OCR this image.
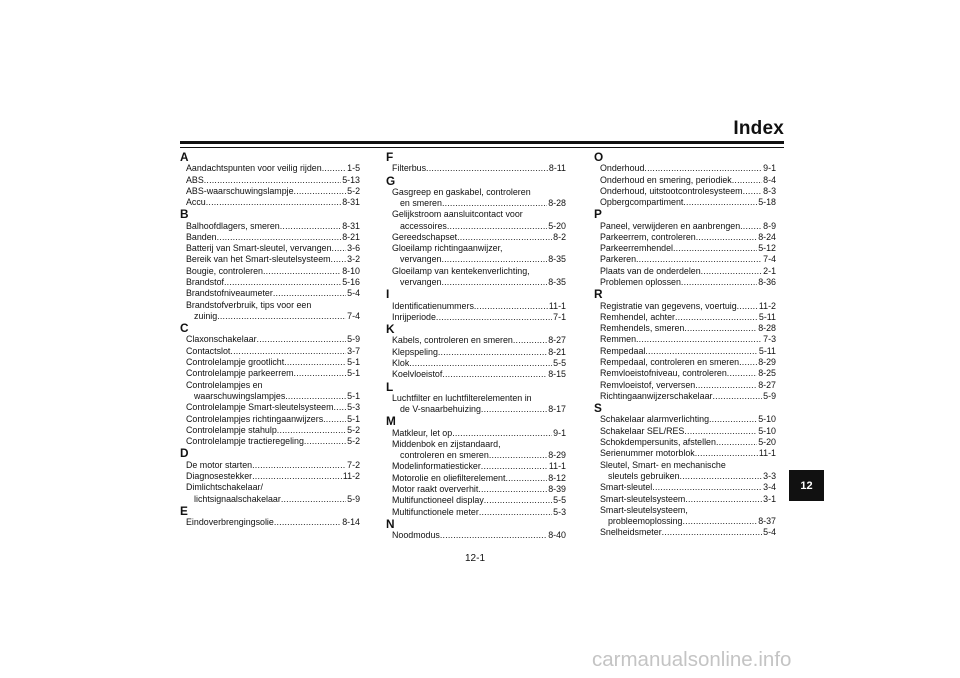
Index
A
Aandachtspunten voor veilig rijden .....	1-5
ABS .....	5-13
ABS-waarschuwingslampje .....	5-2
Accu .....	8-31
B
Balhoofdlagers, smeren .....	8-31
Banden .....	8-21
Batterij van Smart-sleutel, vervangen ..... 3-6
Bereik van het Smart-sleutelsysteem ..... 3-2
Bougie, controleren .....	8-10
Brandstof .....	5-16
Brandstofniveaumeter .....	5-4
Brandstofverbruik, tips voor een
zuinig .....	7-4
C
Claxonschakelaar .....	5-9
Contactslot .....	3-7
Controlelampje grootlicht .....	5-1
Controlelampje parkeerrem .....	5-1
Controlelampjes en
waarschuwingslampjes .....	5-1
Controlelampje Smart-sleutelsysteem ..... 5-3
Controlelampjes richtingaanwijzers .....	5-1
Controlelampje stahulp .....	5-2
Controlelampje tractieregeling .....	5-2
D
De motor starten .....	7-2
Diagnosestekker .....	11-2
Dimlichtschakelaar/
lichtsignaalschakelaar .....	5-9
E
Eindoverbrengingsolie .....	8-14
F
Filterbus .....	8-11
G
Gasgreep en gaskabel, controleren
en smeren .....	8-28
Gelijkstroom aansluitcontact voor
accessoires .....	5-20
Gereedschapset .....	8-2
Gloeilamp richtingaanwijzer,
vervangen .....	8-35
Gloeilamp van kentekenverlichting,
vervangen .....	8-35
I
Identificatienummers .....	11-1
Inrijperiode .....	7-1
K
Kabels, controleren en smeren .....	8-27
Klepspeling .....	8-21
Klok .....	5-5
Koelvloeistof .....	8-15
L
Luchtfilter en luchtfilterelementen in
de V-snaarbehuizing .....	8-17
M
Matkleur, let op .....	9-1
Middenbok en zijstandaard,
controleren en smeren .....	8-29
Modelinformatiesticker .....	11-1
Motorolie en oliefilterelement .....	8-12
Motor raakt oververhit .....	8-39
Multifunctioneel display .....	5-5
Multifunctionele meter .....	5-3
N
Noodmodus .....	8-40
O
Onderhoud .....	9-1
Onderhoud en smering, periodiek .....	8-4
Onderhoud, uitstootcontrolesysteem ..... 8-3
Opbergcompartiment .....	5-18
P
Paneel, verwijderen en aanbrengen .....	8-9
Parkeerrem, controleren .....	8-24
Parkeerremhendel .....	5-12
Parkeren .....	7-4
Plaats van de onderdelen .....	2-1
Problemen oplossen .....	8-36
R
Registratie van gegevens, voertuig ..... 11-2
Remhendel, achter .....	5-11
Remhendels, smeren .....	8-28
Remmen .....	7-3
Rempedaal .....	5-11
Rempedaal, controleren en smeren ..... 8-29
Remvloeistofniveau, controleren .....	8-25
Remvloeistof, verversen .....	8-27
Richtingaanwijzerschakelaar .....	5-9
S
Schakelaar alarmverlichting .....	5-10
Schakelaar SEL/RES .....	5-10
Schokdempersunits, afstellen .....	5-20
Serienummer motorblok .....	11-1
Sleutel, Smart- en mechanische
sleutels gebruiken .....	3-3
Smart-sleutel .....	3-4
Smart-sleutelsysteem .....	3-1
Smart-sleutelsysteem,
probleemoplossing .....	8-37
Snelheidsmeter .....	5-4
12
12-1
carmanualsonline.info
